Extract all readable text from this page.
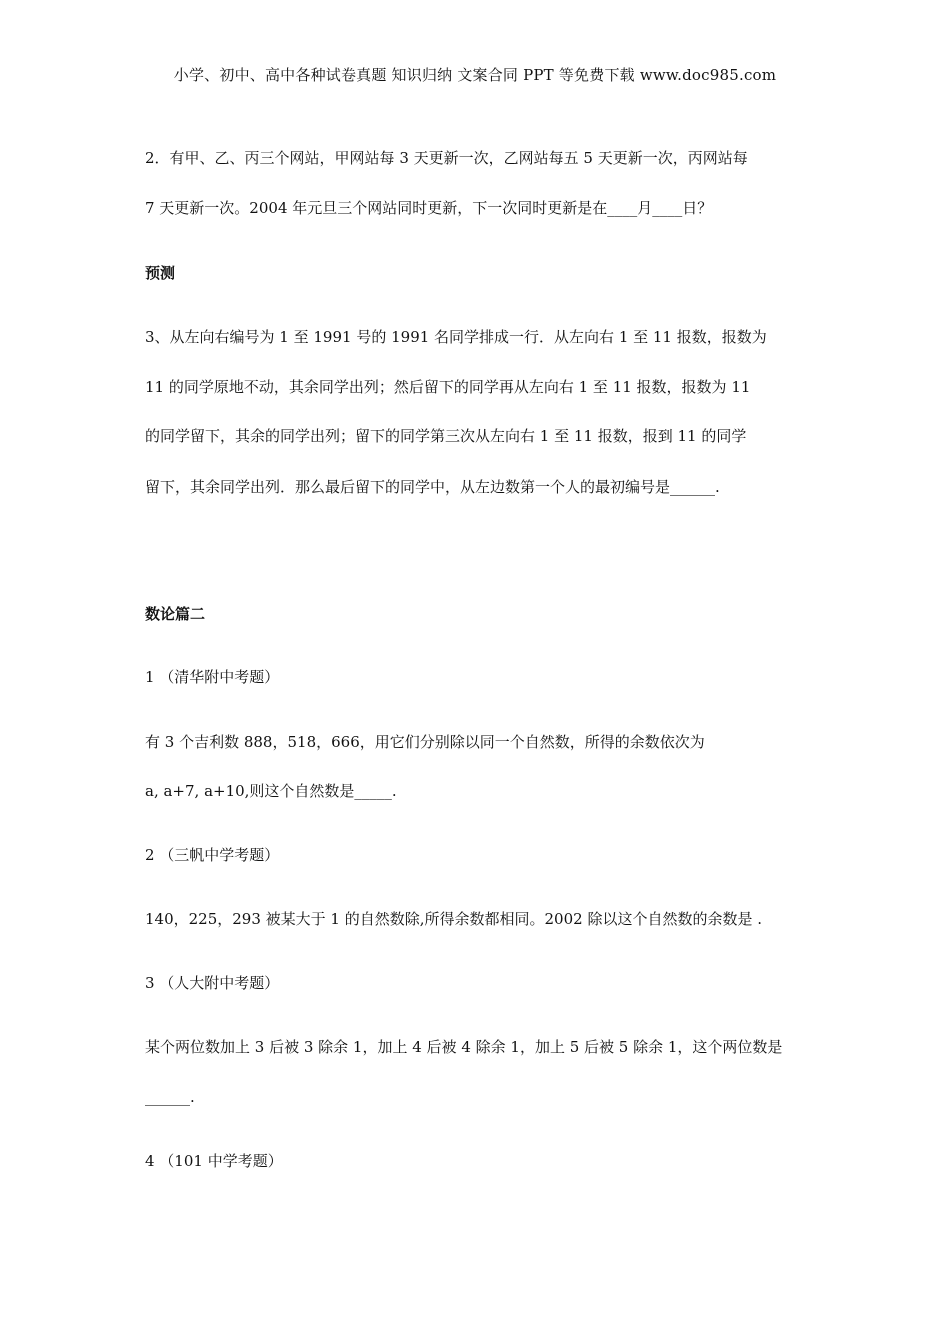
小学、初中、高中各种试卷真题 知识归纳 文案合同 PPT 等免费下载 www.doc985.com
2．有甲、乙、丙三个网站，甲网站每 3 天更新一次，乙网站每五 5 天更新一次，丙网站每
7 天更新一次。2004 年元旦三个网站同时更新，下一次同时更新是在____月____日？
预测
3、从左向右编号为 1 至 1991 号的 1991 名同学排成一行．从左向右 1 至 11 报数，报数为
11 的同学原地不动，其余同学出列；然后留下的同学再从左向右 1 至 11 报数，报数为 11
的同学留下，其余的同学出列；留下的同学第三次从左向右 1 至 11 报数，报到 11 的同学
留下，其余同学出列．那么最后留下的同学中，从左边数第一个人的最初编号是______.
数论篇二
1 （清华附中考题）
有 3 个吉利数 888，518，666，用它们分别除以同一个自然数，所得的余数依次为
a, a+7, a+10,则这个自然数是_____.
2 （三帆中学考题）
140，225，293 被某大于 1 的自然数除,所得余数都相同。2002 除以这个自然数的余数是 .
3 （人大附中考题）
某个两位数加上 3 后被 3 除余 1，加上 4 后被 4 除余 1，加上 5 后被 5 除余 1，这个两位数是
______.
4 （101 中学考题）
